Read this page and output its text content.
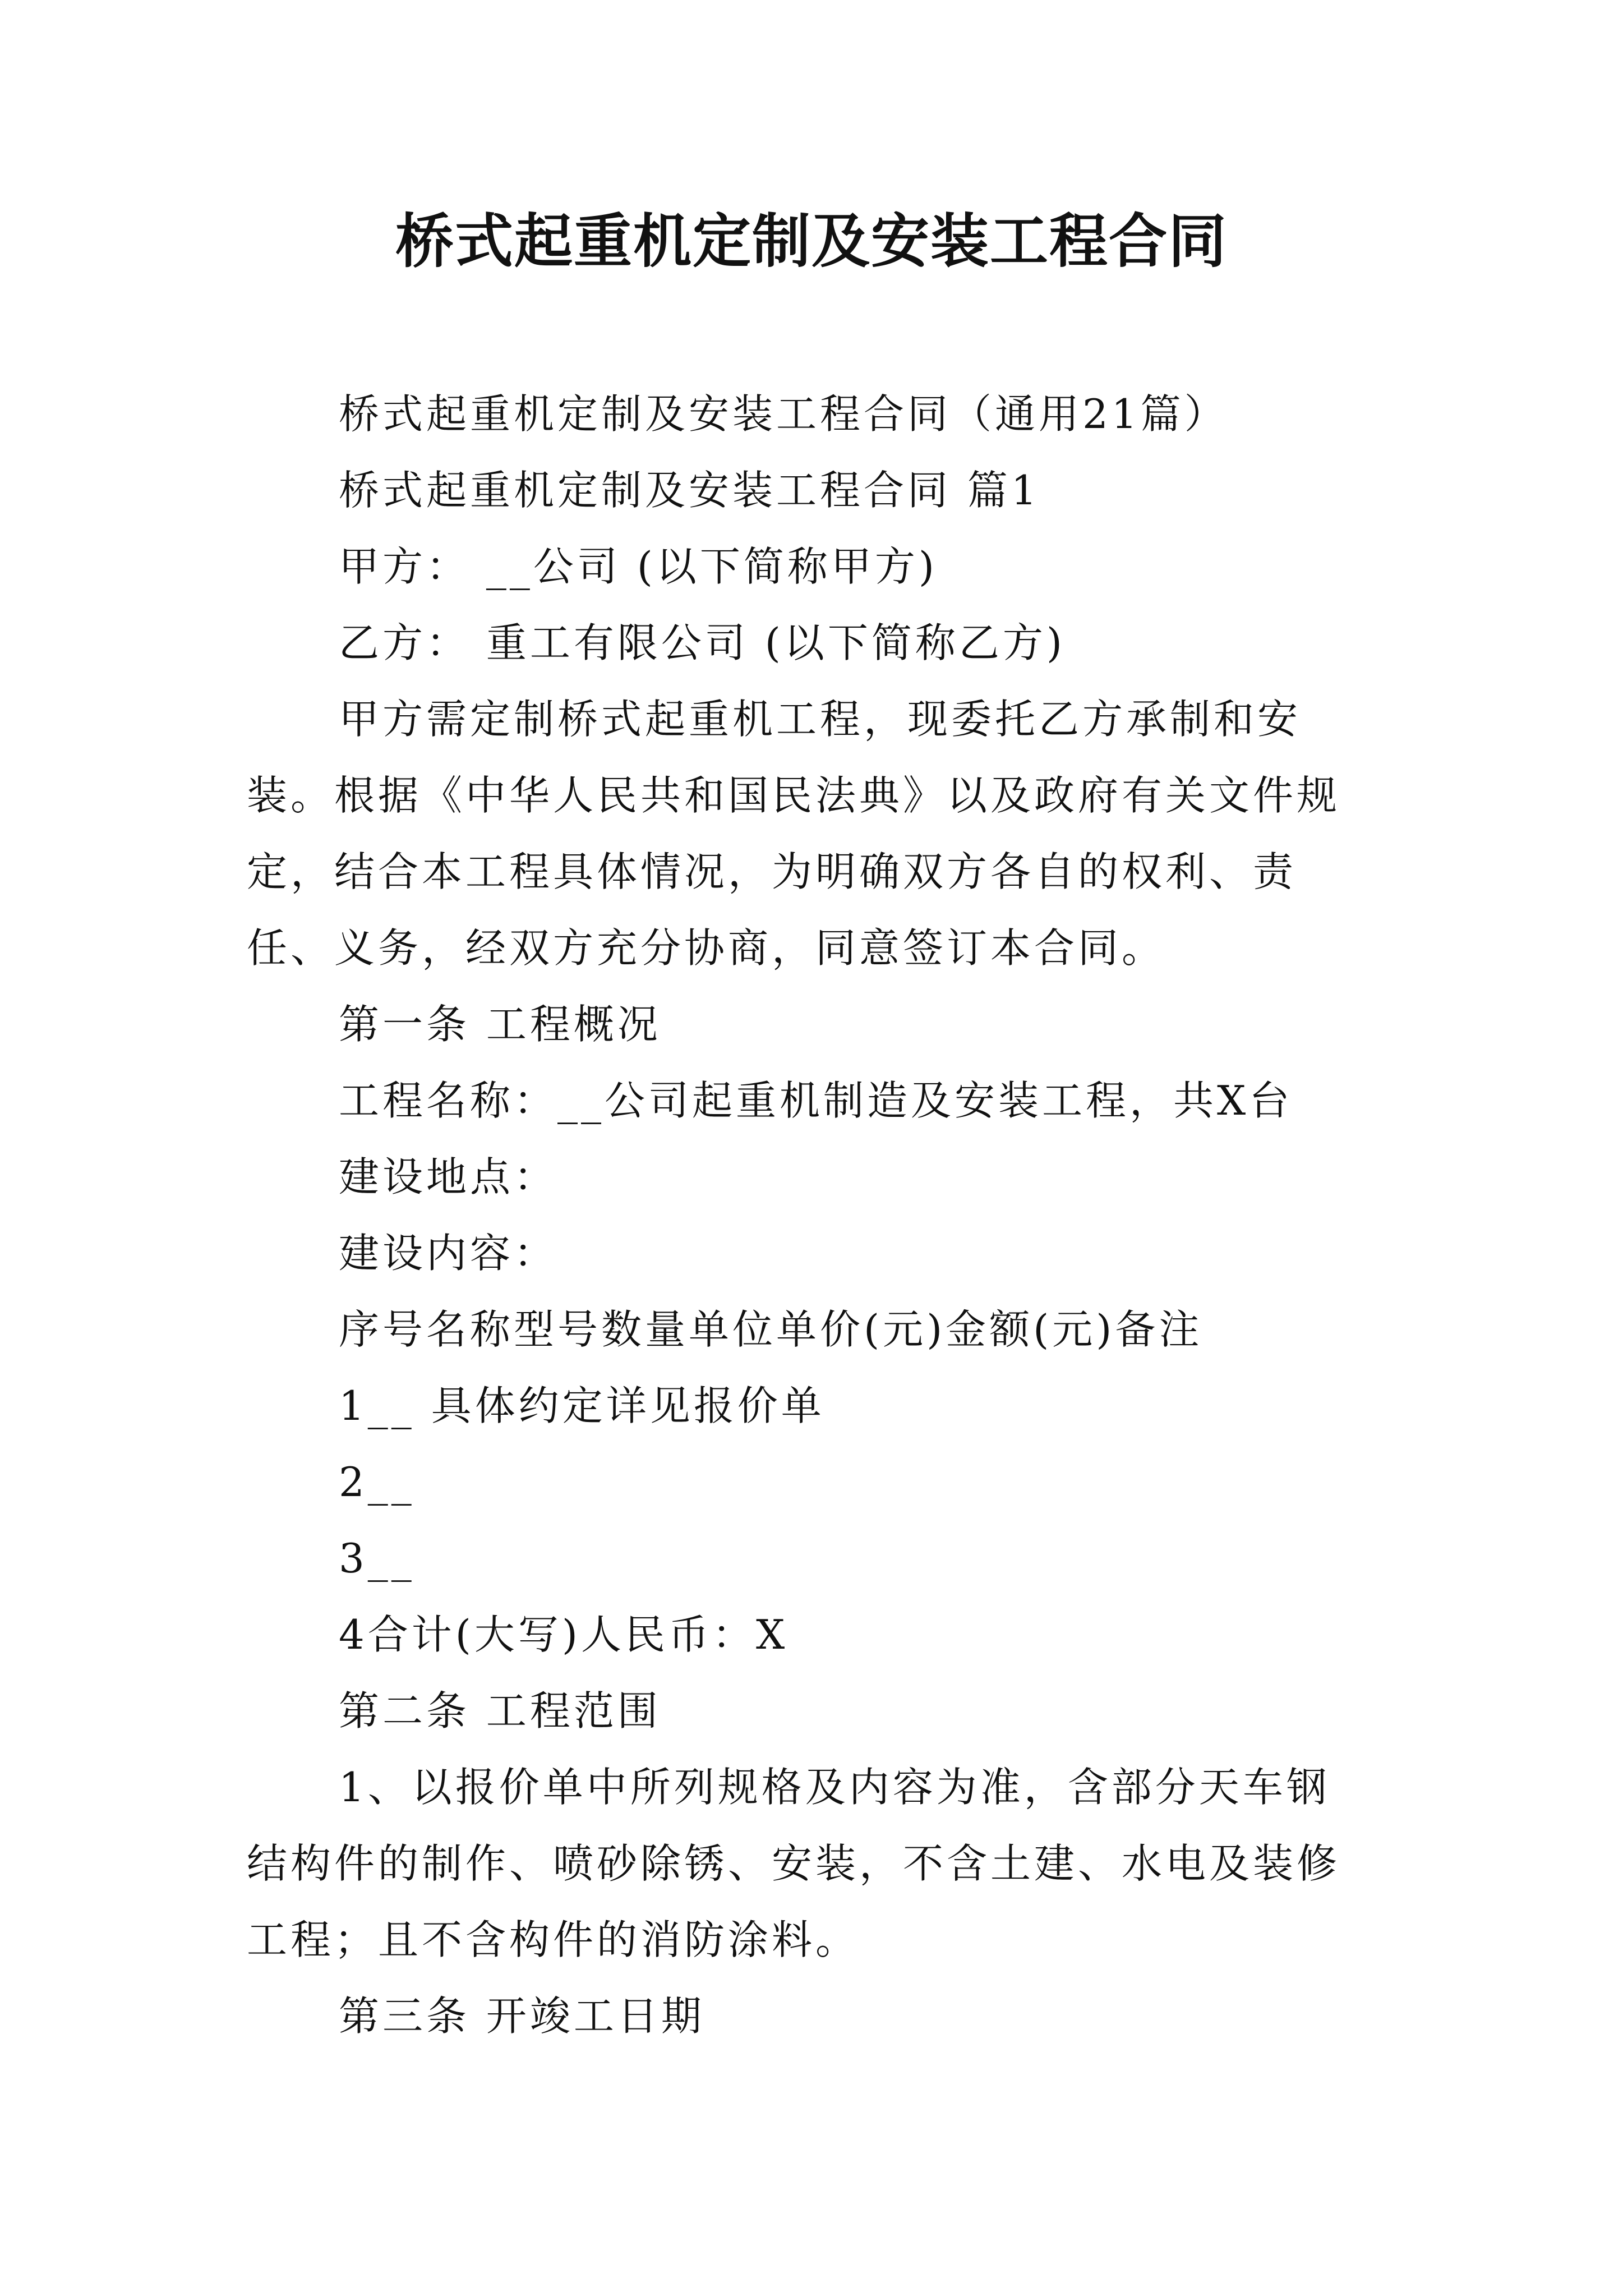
桥式起重机定制及安装工程合同

桥式起重机定制及安装工程合同（通用21篇）

桥式起重机定制及安装工程合同 篇1

甲方： __公司 (以下简称甲方)

乙方： 重工有限公司 (以下简称乙方)

甲方需定制桥式起重机工程，现委托乙方承制和安装。根据《中华人民共和国民法典》以及政府有关文件规定，结合本工程具体情况，为明确双方各自的权利、责任、义务，经双方充分协商，同意签订本合同。

第一条 工程概况

工程名称：__公司起重机制造及安装工程，共X台

建设地点：

建设内容：

序号名称型号数量单位单价(元)金额(元)备注

1__ 具体约定详见报价单

2__

3__

4合计(大写)人民币：X

第二条 工程范围

1、以报价单中所列规格及内容为准，含部分天车钢结构件的制作、喷砂除锈、安装，不含土建、水电及装修工程；且不含构件的消防涂料。

第三条 开竣工日期
